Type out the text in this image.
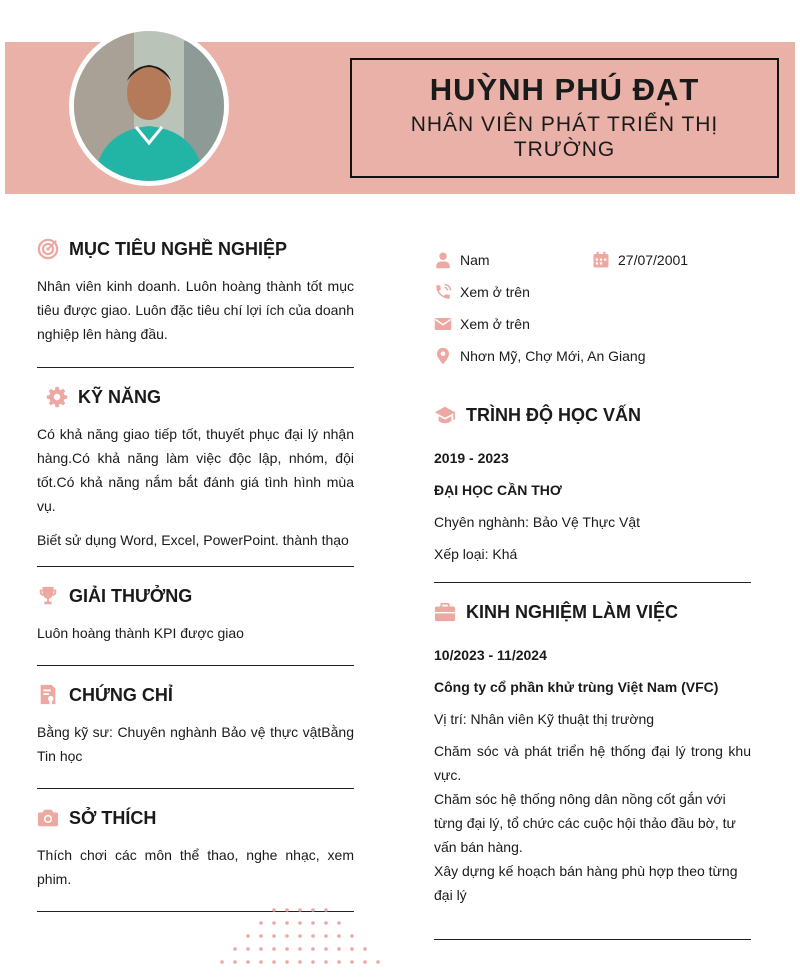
HUỲNH PHÚ ĐẠT
NHÂN VIÊN PHÁT TRIỂN THỊ TRƯỜNG
MỤC TIÊU NGHỀ NGHIỆP
Nhân viên kinh doanh. Luôn hoàng thành tốt mục tiêu được giao. Luôn đặc tiêu chí lợi ích của doanh nghiệp lên hàng đầu.
KỸ NĂNG
Có khả năng giao tiếp tốt, thuyết phục đại lý nhận hàng.Có khả năng làm việc độc lập, nhóm, đội tốt.Có khả năng nắm bắt đánh giá tình hình mùa vụ.
Biết sử dụng Word, Excel, PowerPoint. thành thạo
GIẢI THƯỞNG
Luôn hoàng thành KPI được giao
CHỨNG CHỈ
Bằng kỹ sư: Chuyên nghành Bảo vệ thực vậtBằng Tin học
SỞ THÍCH
Thích chơi các môn thể thao, nghe nhạc, xem phim.
Nam	27/07/2001
Xem ở trên
Xem ở trên
Nhơn Mỹ, Chợ Mới, An Giang
TRÌNH ĐỘ HỌC VẤN
2019 - 2023
ĐẠI HỌC CẦN THƠ
Chyên nghành: Bảo Vệ Thực Vật
Xếp loại: Khá
KINH NGHIỆM LÀM VIỆC
10/2023 - 11/2024
Công ty cổ phần khử trùng Việt Nam (VFC)
Vị trí: Nhân viên Kỹ thuật thị trường
Chăm sóc và phát triển hệ thống đại lý trong khu vực.
Chăm sóc hệ thống nông dân nồng cốt gắn với từng đại lý, tổ chức các cuộc hội thảo đầu bờ, tư vấn bán hàng.
Xây dựng kế hoạch bán hàng phù hợp theo từng đại lý
